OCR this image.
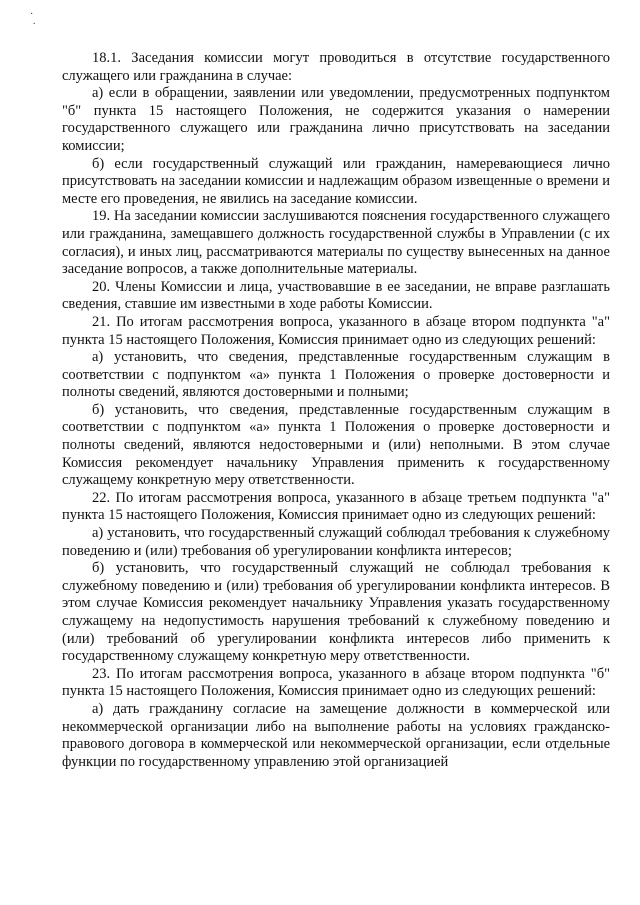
·
·

18.1. Заседания комиссии могут проводиться в отсутствие государственного служащего или гражданина в случае:

а) если в обращении, заявлении или уведомлении, предусмотренных подпунктом "б" пункта 15 настоящего Положения, не содержится указания о намерении государственного служащего или гражданина лично присутствовать на заседании комиссии;

б) если государственный служащий или гражданин, намеревающиеся лично присутствовать на заседании комиссии и надлежащим образом извещенные о времени и месте его проведения, не явились на заседание комиссии.

19. На заседании комиссии заслушиваются пояснения государственного служащего или гражданина, замещавшего должность государственной службы в Управлении (с их согласия), и иных лиц, рассматриваются материалы по существу вынесенных на данное заседание вопросов, а также дополнительные материалы.

20. Члены Комиссии и лица, участвовавшие в ее заседании, не вправе разглашать сведения, ставшие им известными в ходе работы Комиссии.

21. По итогам рассмотрения вопроса, указанного в абзаце втором подпункта "а" пункта 15 настоящего Положения, Комиссия принимает одно из следующих решений:

а) установить, что сведения, представленные государственным служащим в соответствии с подпунктом «а» пункта 1 Положения о проверке достоверности и полноты сведений, являются достоверными и полными;

б) установить, что сведения, представленные государственным служащим в соответствии с подпунктом «а» пункта 1 Положения о проверке достоверности и полноты сведений, являются недостоверными и (или) неполными. В этом случае Комиссия рекомендует начальнику Управления применить к государственному служащему конкретную меру ответственности.

22. По итогам рассмотрения вопроса, указанного в абзаце третьем подпункта "а" пункта 15 настоящего Положения, Комиссия принимает одно из следующих решений:

а) установить, что государственный служащий соблюдал требования к служебному поведению и (или) требования об урегулировании конфликта интересов;

б) установить, что государственный служащий не соблюдал требования к служебному поведению и (или) требования об урегулировании конфликта интересов. В этом случае Комиссия рекомендует начальнику Управления указать государственному служащему на недопустимость нарушения требований к служебному поведению и (или) требований об урегулировании конфликта интересов либо применить к государственному служащему конкретную меру ответственности.

23. По итогам рассмотрения вопроса, указанного в абзаце втором подпункта "б" пункта 15 настоящего Положения, Комиссия принимает одно из следующих решений:

а) дать гражданину согласие на замещение должности в коммерческой или некоммерческой организации либо на выполнение работы на условиях гражданско-правового договора в коммерческой или некоммерческой организации, если отдельные функции по государственному управлению этой организацией
